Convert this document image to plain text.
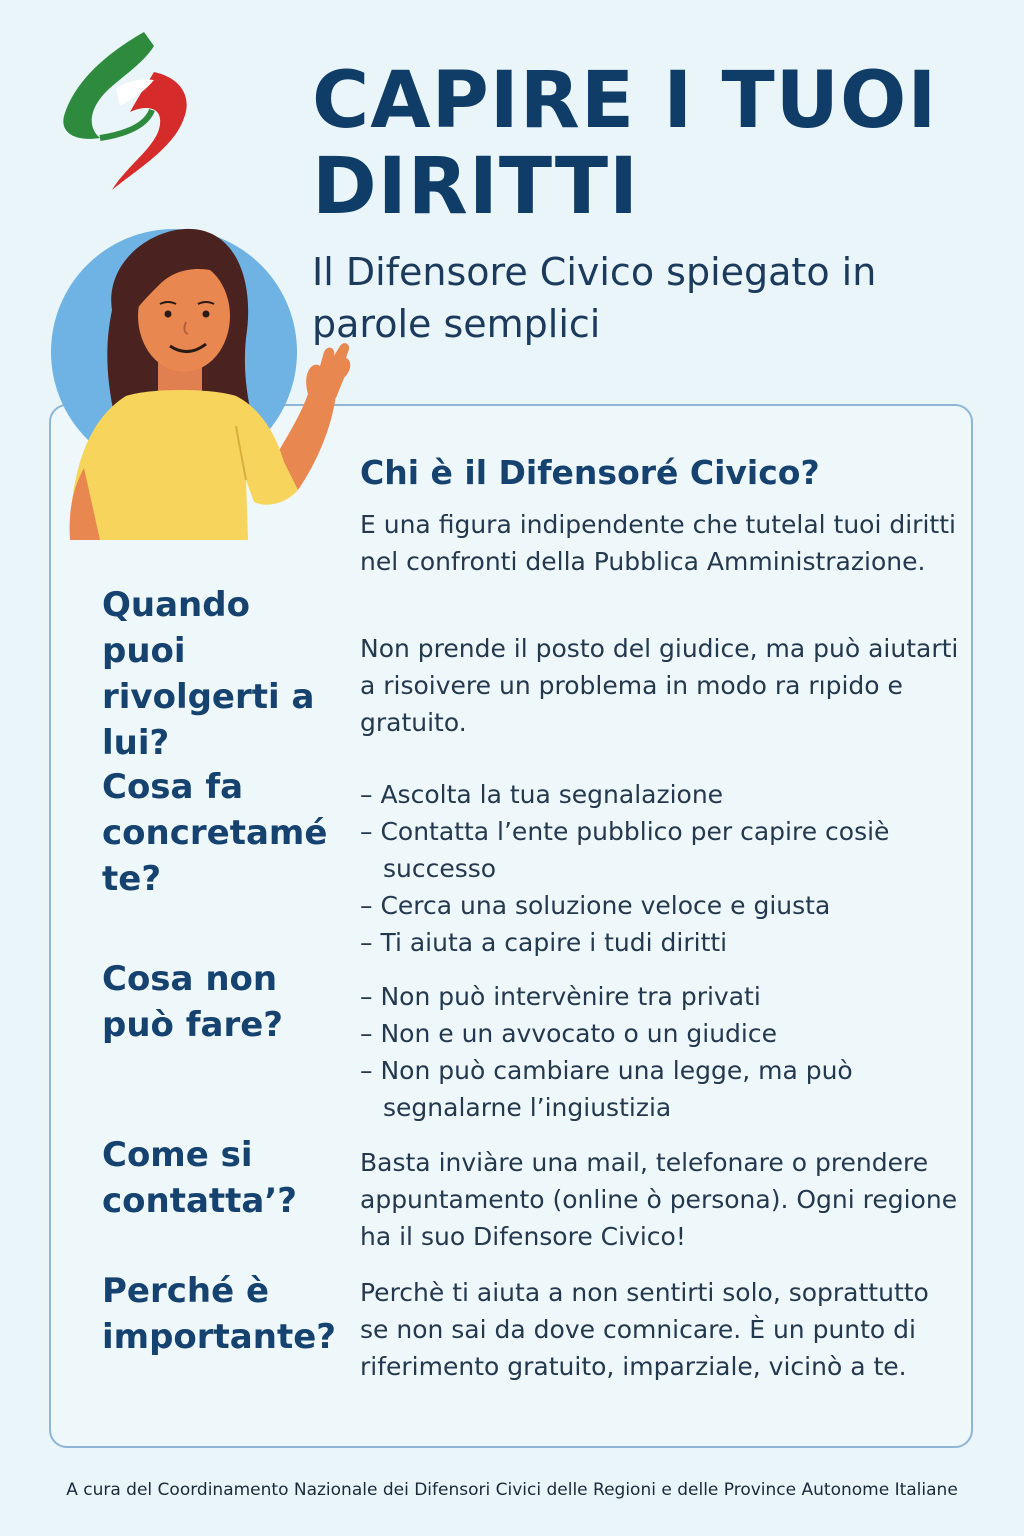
CAPIRE I TUOI DIRITTI
Il Difensore Civico spiegato in parole semplici
Chi è il Difensoré Civico?

E una figura indipendente che tutelal tuoi diritti nel confronti della Pubblica Amministrazione.

Non prende il posto del giudice, ma può aiutarti a risoivere un problema in modo ra rıpido e gratuito.

Quando puoi rivolgerti a lui?
Cosa fa concretamé te?
– Ascolta la tua segnalazione
– Contatta l’ente pubblico per capire cosiè successo
– Cerca una soluzione veloce e giusta
– Ti aiuta a capire i tudi diritti
Cosa non può fare?
– Non può intervènire tra privati
– Non e un avvocato o un giudice
– Non può cambiare una legge, ma può segnalarne l’ingiustizia
Come si contatta’?

Basta inviàre una mail, telefonare o prendere appuntamento (online ò persona). Ogni regione ha il suo Difensore Civico!

Perché è importante?

Perchè ti aiuta a non sentirti solo, soprattutto se non sai da dove comnicare. È un punto di riferimento gratuito, imparziale, vicinò a te.

A cura del Coordinamento Nazionale dei Difensori Civici delle Regioni e delle Province Autonome Italiane
